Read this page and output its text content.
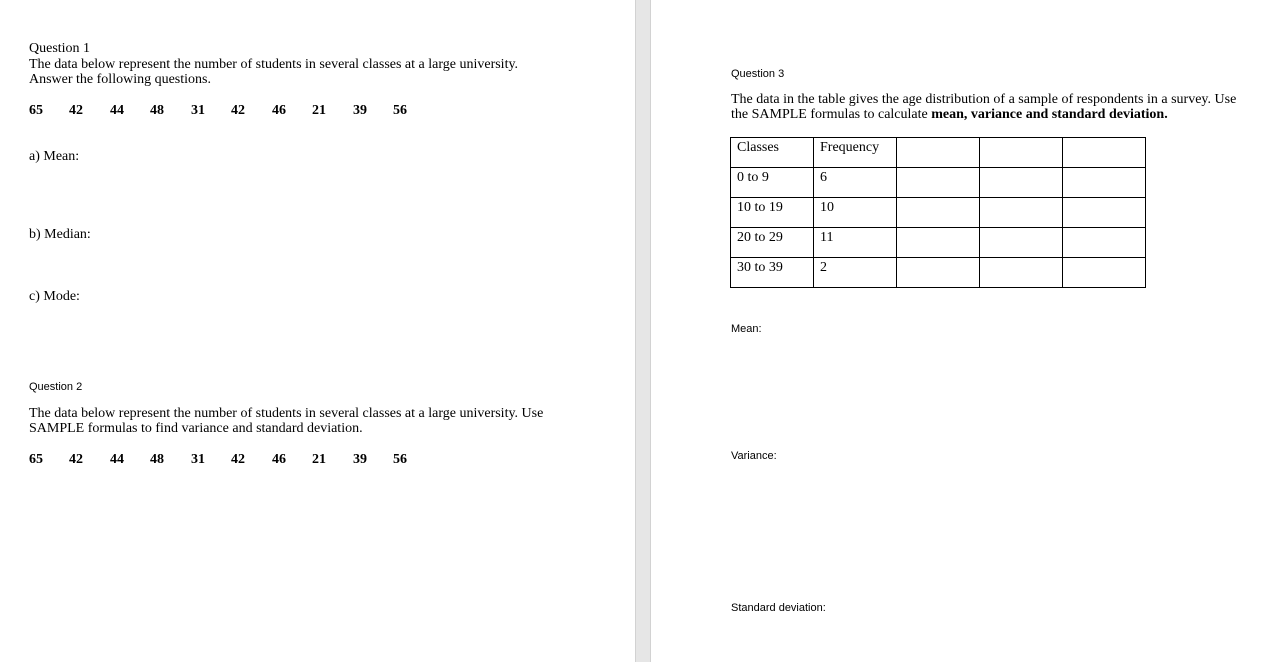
Question 1
The data below represent the number of students in several classes at a large university. Answer the following questions.
65 42 44 48 31 42 46 21 39 56
a) Mean:
b) Median:
c) Mode:
Question 2
The data below represent the number of students in several classes at a large university. Use SAMPLE formulas to find variance and standard deviation.
65 42 44 48 31 42 46 21 39 56
Question 3
The data in the table gives the age distribution of a sample of respondents in a survey. Use the SAMPLE formulas to calculate mean, variance and standard deviation.
Classes	Frequency			
0 to 9	6			
10 to 19	10			
20 to 29	11			
30 to 39	2			
Mean:
Variance:
Standard deviation:
